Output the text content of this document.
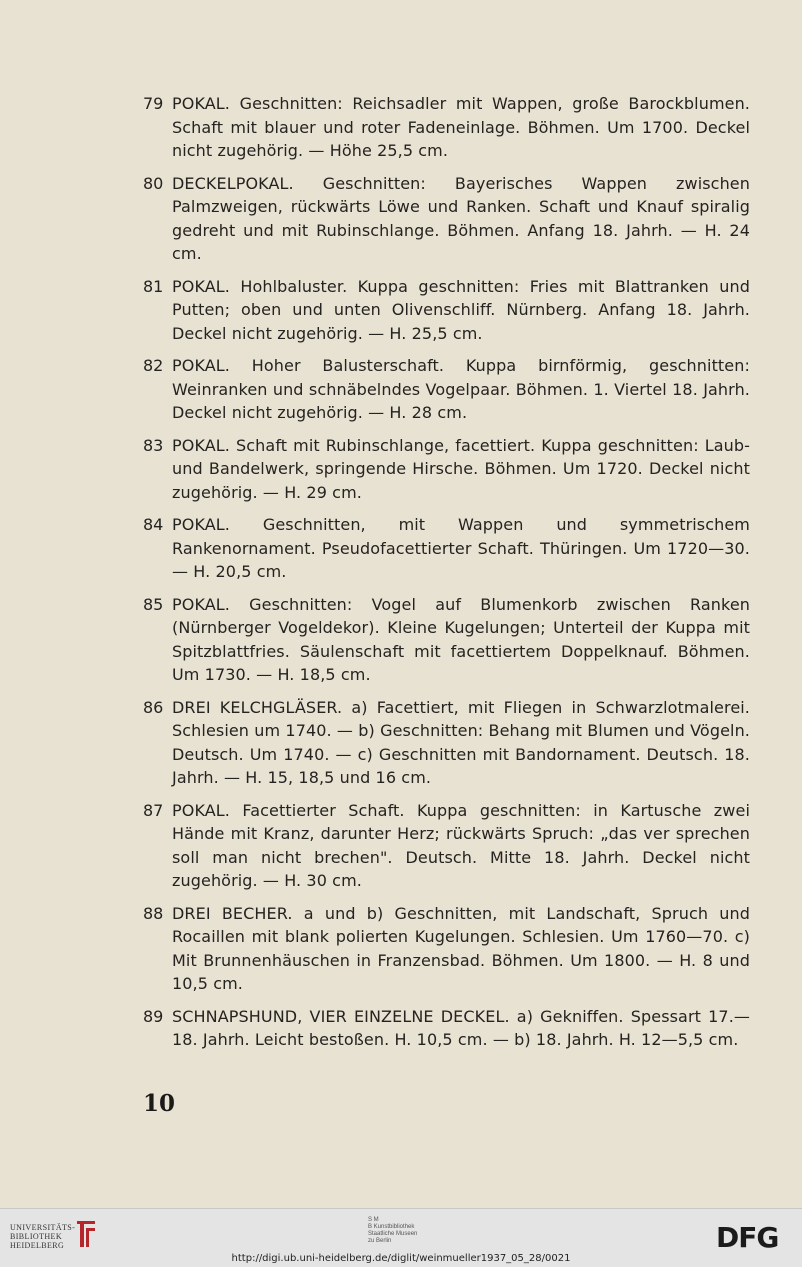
79 POKAL. Geschnitten: Reichsadler mit Wappen, große Barockblumen. Schaft mit blauer und roter Fadeneinlage. Böhmen. Um 1700. Deckel nicht zugehörig. — Höhe 25,5 cm.
80 DECKELPOKAL. Geschnitten: Bayerisches Wappen zwischen Palmzweigen, rückwärts Löwe und Ranken. Schaft und Knauf spiralig gedreht und mit Rubinschlange. Böhmen. Anfang 18. Jahrh. — H. 24 cm.
81 POKAL. Hohlbaluster. Kuppa geschnitten: Fries mit Blattranken und Putten; oben und unten Olivenschliff. Nürnberg. Anfang 18. Jahrh. Deckel nicht zugehörig. — H. 25,5 cm.
82 POKAL. Hoher Balusterschaft. Kuppa birnförmig, geschnitten: Weinranken und schnäbelndes Vogelpaar. Böhmen. 1. Viertel 18. Jahrh. Deckel nicht zugehörig. — H. 28 cm.
83 POKAL. Schaft mit Rubinschlange, facettiert. Kuppa geschnitten: Laub- und Bandelwerk, springende Hirsche. Böhmen. Um 1720. Deckel nicht zugehörig. — H. 29 cm.
84 POKAL. Geschnitten, mit Wappen und symmetrischem Rankenornament. Pseudofacettierter Schaft. Thüringen. Um 1720—30. — H. 20,5 cm.
85 POKAL. Geschnitten: Vogel auf Blumenkorb zwischen Ranken (Nürnberger Vogeldekor). Kleine Kugelungen; Unterteil der Kuppa mit Spitzblattfries. Säulenschaft mit facettiertem Doppelknauf. Böhmen. Um 1730. — H. 18,5 cm.
86 DREI KELCHGLÄSER. a) Facettiert, mit Fliegen in Schwarzlotmalerei. Schlesien um 1740. — b) Geschnitten: Behang mit Blumen und Vögeln. Deutsch. Um 1740. — c) Geschnitten mit Bandornament. Deutsch. 18. Jahrh. — H. 15, 18,5 und 16 cm.
87 POKAL. Facettierter Schaft. Kuppa geschnitten: in Kartusche zwei Hände mit Kranz, darunter Herz; rückwärts Spruch: „das ver sprechen soll man nicht brechen". Deutsch. Mitte 18. Jahrh. Deckel nicht zugehörig. — H. 30 cm.
88 DREI BECHER. a und b) Geschnitten, mit Landschaft, Spruch und Rocaillen mit blank polierten Kugelungen. Schlesien. Um 1760—70. c) Mit Brunnenhäuschen in Franzensbad. Böhmen. Um 1800. — H. 8 und 10,5 cm.
89 SCHNAPSHUND, VIER EINZELNE DECKEL. a) Gekniffen. Spessart 17.—18. Jahrh. Leicht bestoßen. H. 10,5 cm. — b) 18. Jahrh. H. 12—5,5 cm.
10
UNIVERSITÄTS-
BIBLIOTHEK
HEIDELBERG
S M
B Kunstbibliothek
Staatliche Museen
zu Berlin	DFG
http://digi.ub.uni-heidelberg.de/diglit/weinmueller1937_05_28/0021
